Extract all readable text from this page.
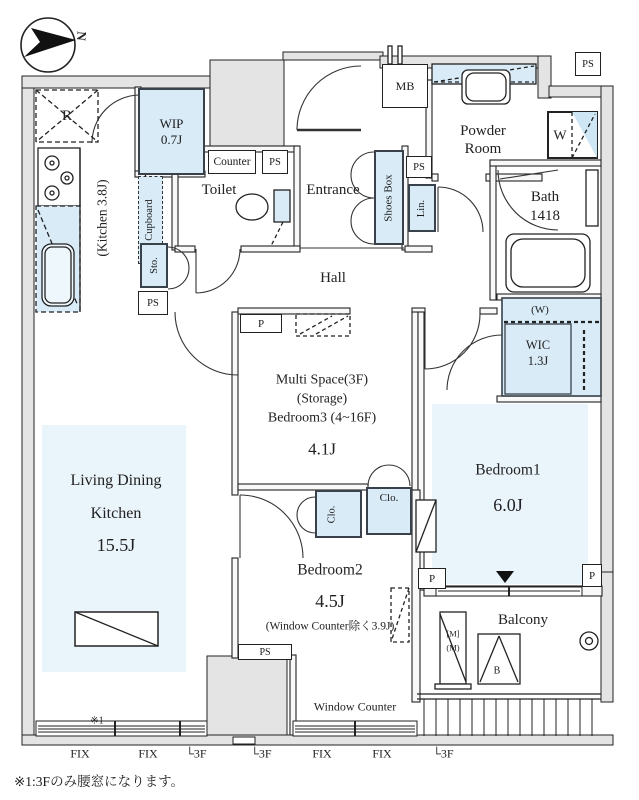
WIP
0.7J
Counter PS
MB
PS
Shoes Box
PS
Lin.
Sto.
PS
P
Clo.
Clo.
PS
P	P
N
R
(Kitchen 3.8J)	Cupboard
Toilet	Entrance
Powder
Room
W
Bath
1418
Hall
Multi Space(3F)
(Storage)
Bedroom3 (4~16F)
4.1J
(W)
WIC
1.3J
Living Dining
Kitchen
15.5J
Bedroom1
6.0J
Bedroom2
4.5J
(Window Counter除く3.9J)
Window Counter
Balcony
[M]
(M)
B
※1
FIX	FIX └3F	└3F	FIX	FIX	└3F
※1:3Fのみ腰窓になります。
